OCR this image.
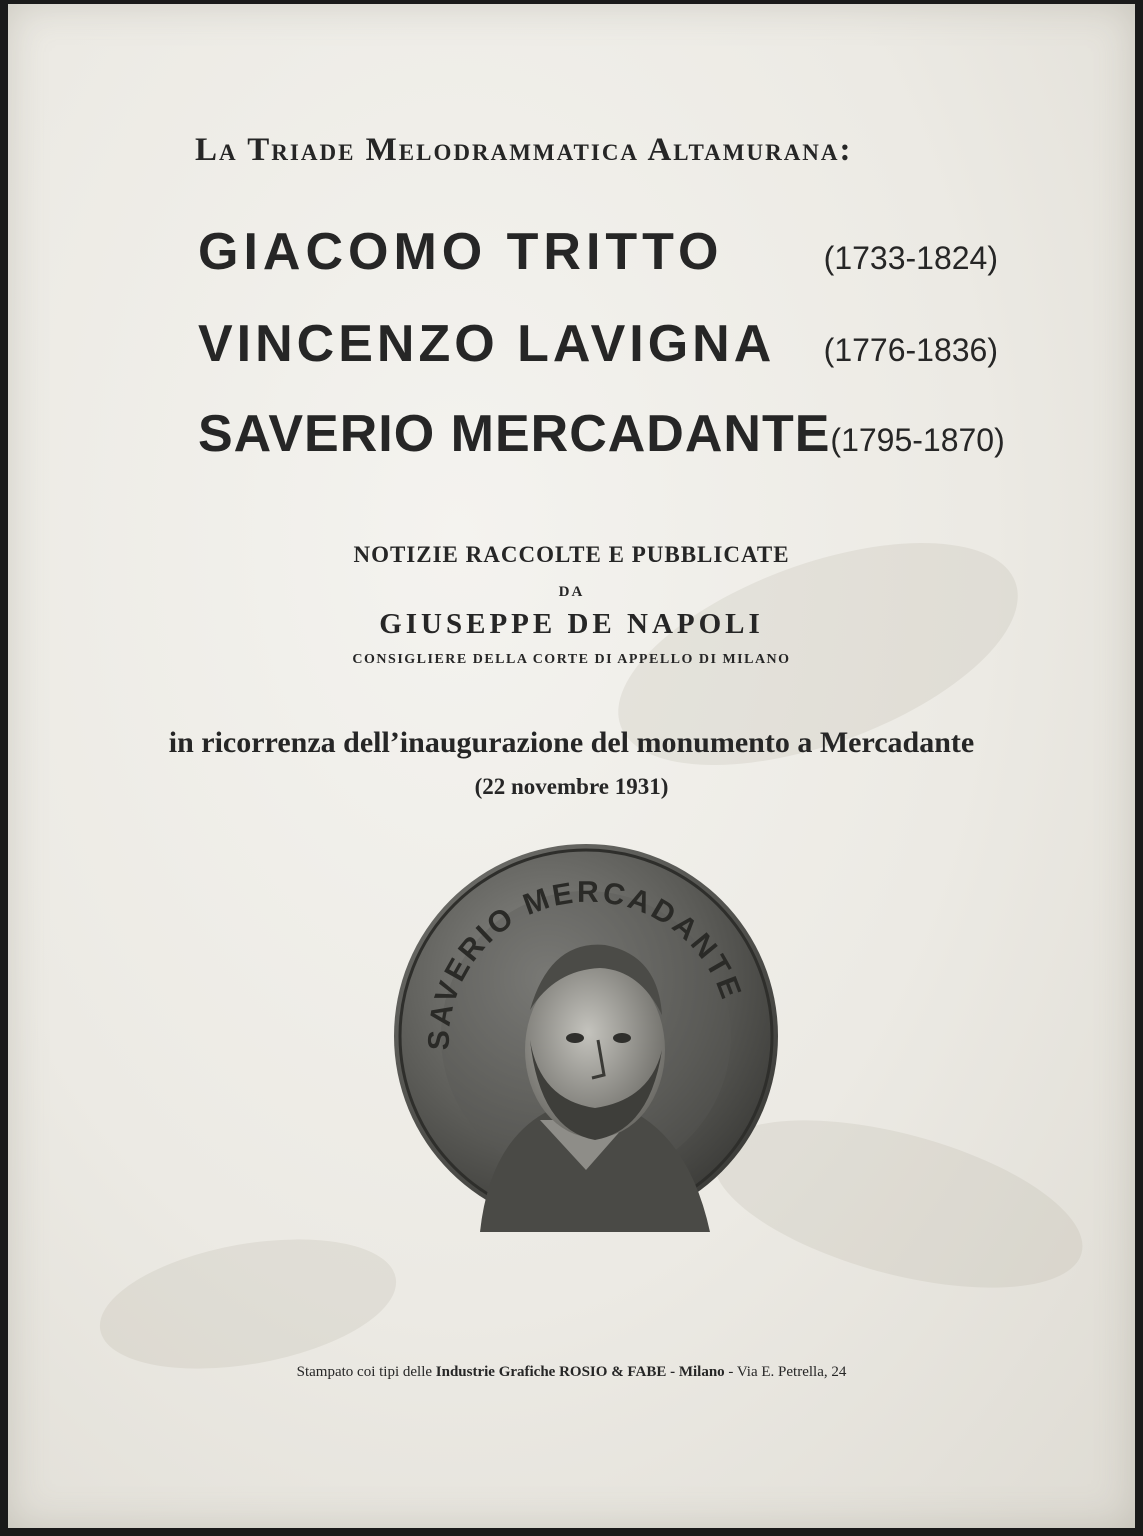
La Triade Melodrammatica Altamurana:
GIACOMO TRITTO	(1733-1824)
VINCENZO LAVIGNA (1776-1836)
SAVERIO MERCADANTE (1795-1870)
NOTIZIE RACCOLTE E PUBBLICATE
DA
GIUSEPPE DE NAPOLI
CONSIGLIERE DELLA CORTE DI APPELLO DI MILANO
in ricorrenza dell’inaugurazione del monumento a Mercadante
(22 novembre 1931)
SAVERIO MERCADANTE
Stampato coi tipi delle Industrie Grafiche ROSIO & FABE - Milano - Via E. Petrella, 24
